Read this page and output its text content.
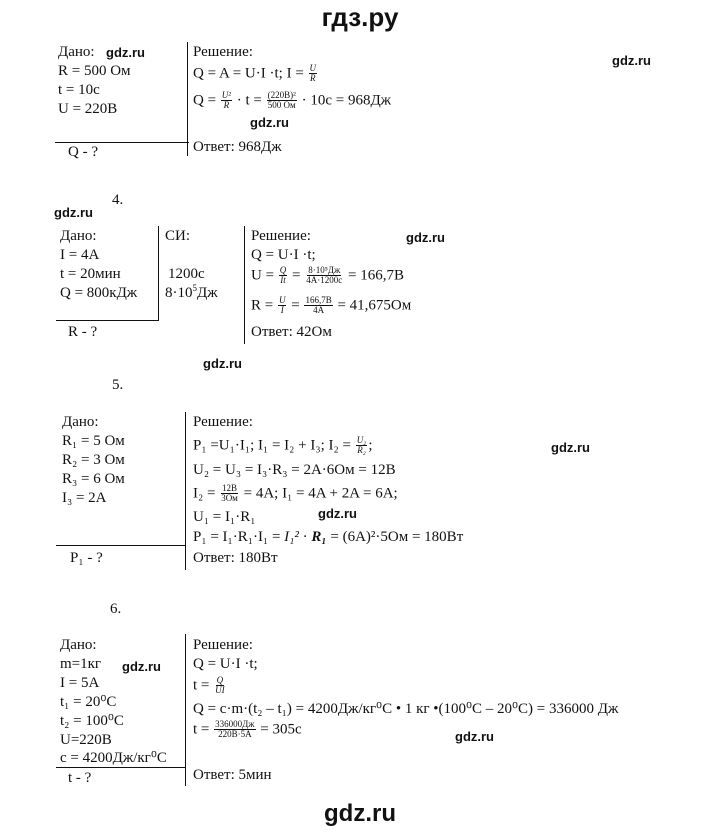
гдз.ру
Дано: gdz.ru
R = 500 Ом
t = 10с
U = 220В
Q - ?
Решение:
Q = A = U·I ·t; $I = \frac{U}{R}$
$Q = \frac{\text{U²}}{R} \cdot t = \frac{\text{(220В)²}}{500 Ом} \cdot 10с = 968Дж$
gdz.ru
Ответ: 968Дж
gdz.ru
4.
gdz.ru
Дано:
I = 4A
t = 20мин
Q = 800кДж
R - ?
СИ:
1200с
$8\cdot 10^5Дж$
Решение:	gdz.ru
Q = U·I ·t;
$U = \frac{Q}{It} = \frac{\text{8·10⁵Дж}}{4A\cdot 1200с} = 166,7В$
$R = \frac{U}{I} = \frac{166,7В}{4A} = 41,675Ом$
Ответ: 42Ом
gdz.ru
5.
Дано:
R₁ = 5 Ом
R₂ = 3 Ом
R₃ = 6 Ом
I₃ = 2A
P₁ - ?
Решение:
P₁ =U₁·I₁; I₁ = I₂ + I₃; $I_2 = \frac{\text{U₂}}{\text{R₂}}$ ;	gdz.ru
U₂ = U₃ = I₃·R₃ = 2A·6Ом = 12В
$I_2 = \frac{12В}{3Ом} = 4A$; I₁ = 4A + 2A = 6A;
U₁ = I₁·R₁	gdz.ru
P₁ = I₁·R₁·I₁ = I₁² · R₁ = (6A)²·5Ом = 180Вт
Ответ: 180Вт
6.
Дано:
m=1кг gdz.ru
I = 5A
t₁ = 20⁰С
t₂ = 100⁰С
U=220В
с = 4200Дж/кг⁰С
t - ?
Решение:
Q = U·I ·t;
$t = \frac{Q}{UI}$
Q = c·m·(t₂ – t₁) = 4200Дж/кг⁰С • 1 кг •(100⁰С – 20⁰С) = 336000 Дж
$t = \frac{336000Дж}{220В\cdot 5A} = 305с$	gdz.ru
Ответ: 5мин
gdz.ru
